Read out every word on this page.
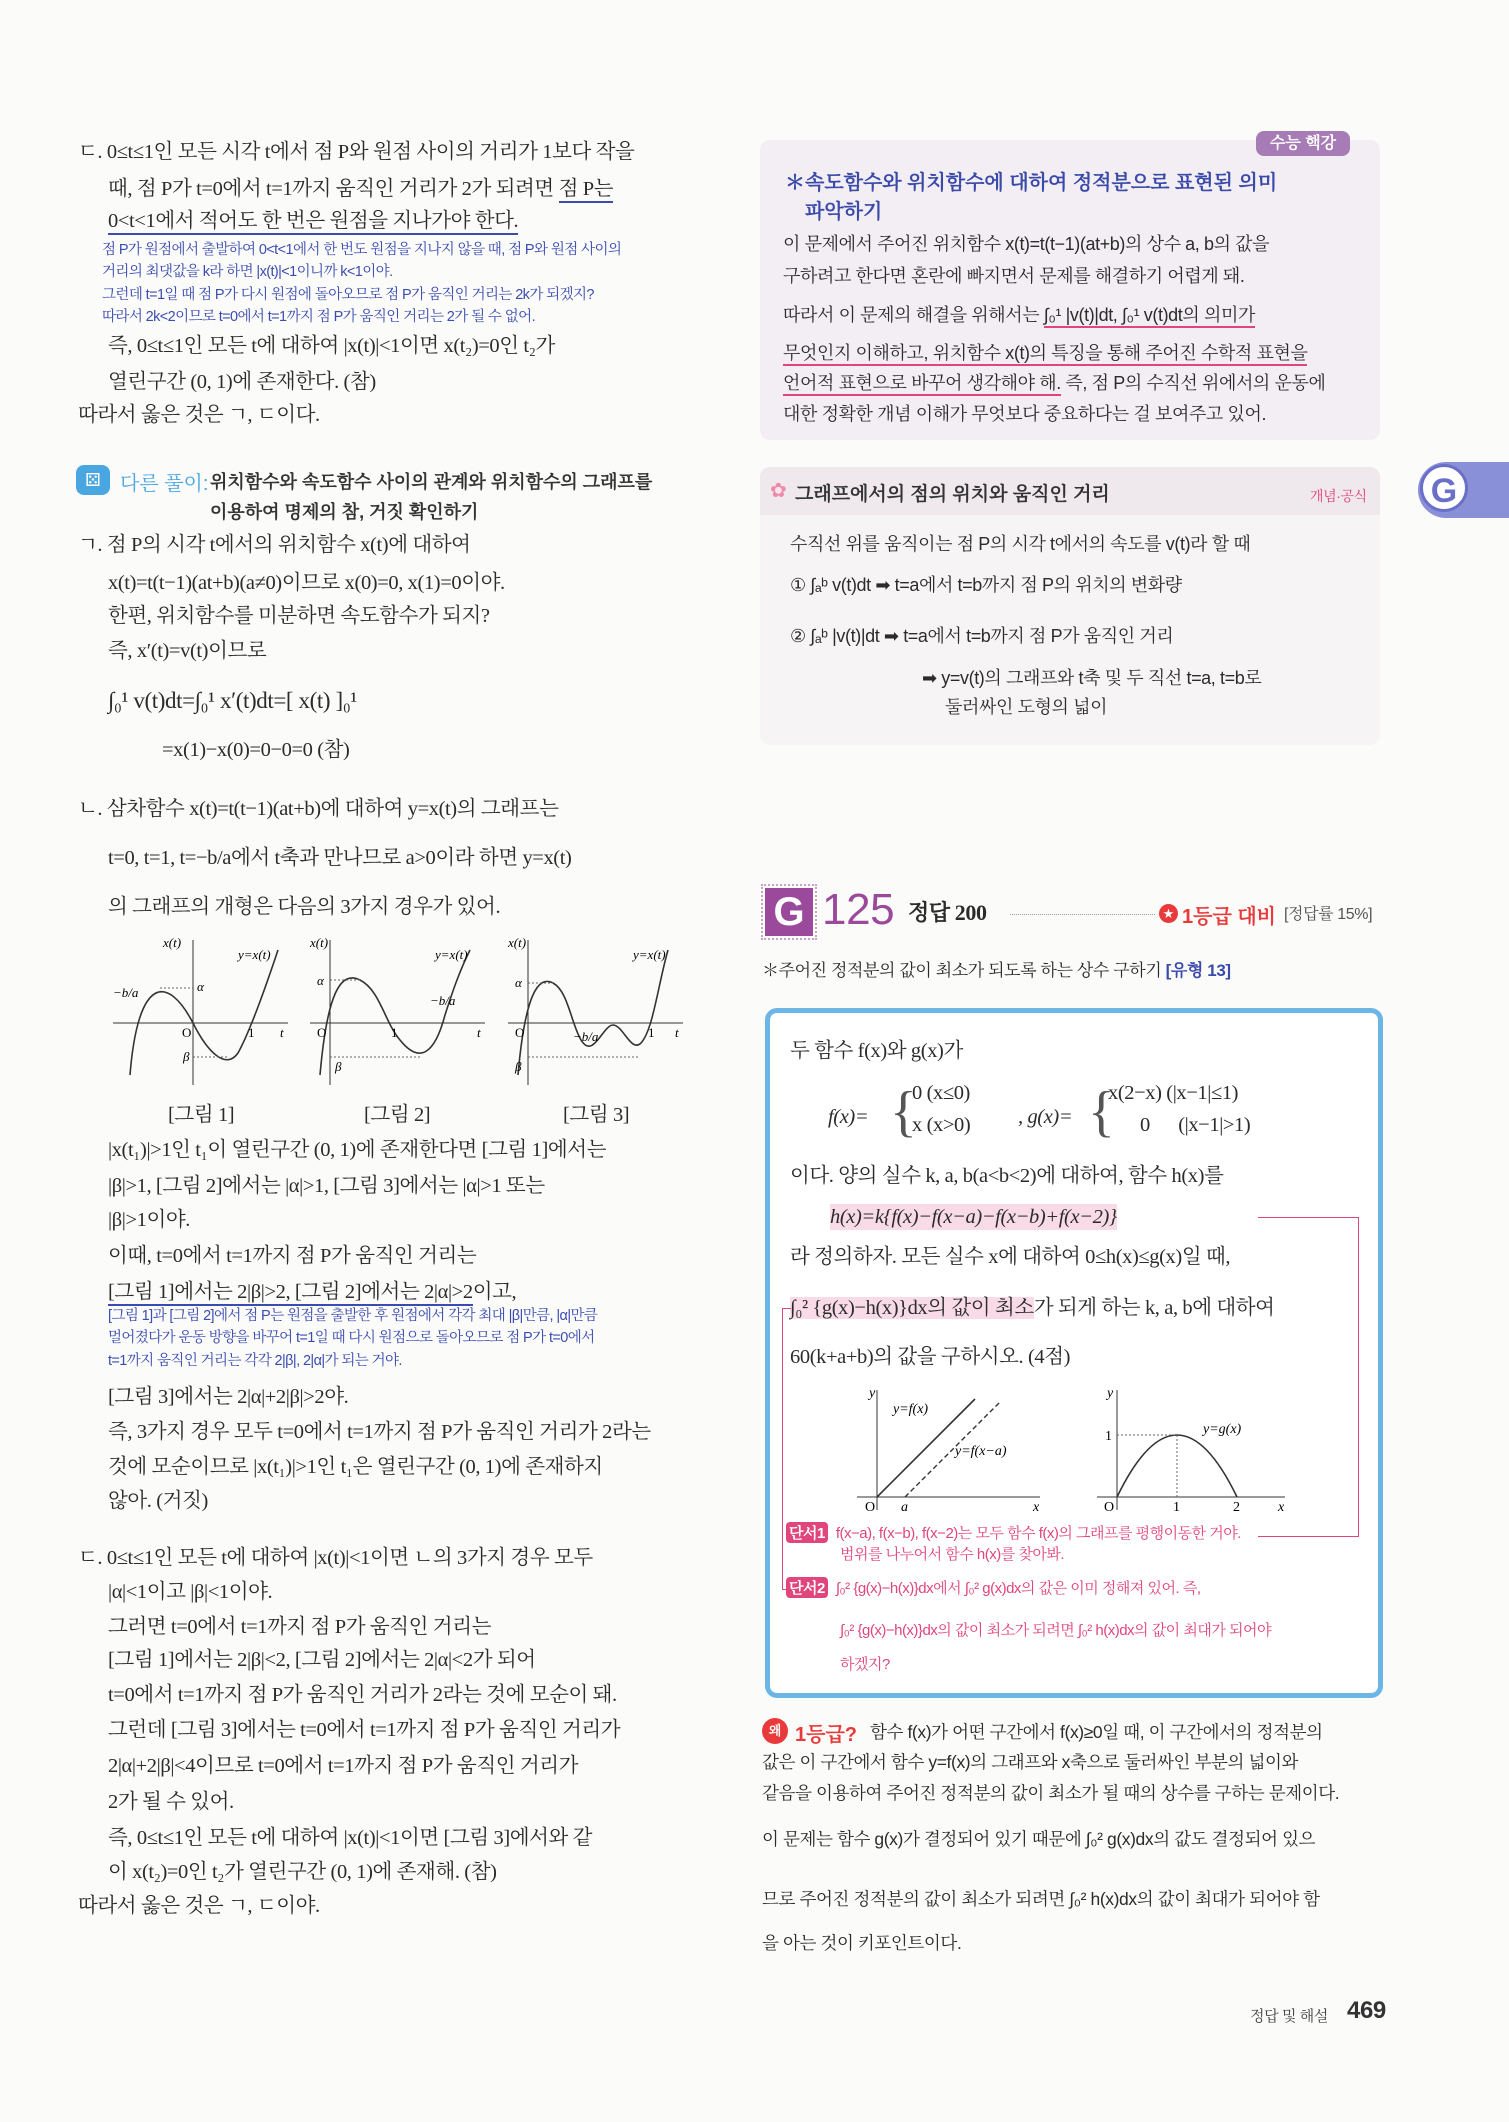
ㄷ. 0≤t≤1인 모든 시각 t에서 점 P와 원점 사이의 거리가 1보다 작을
때, 점 P가 t=0에서 t=1까지 움직인 거리가 2가 되려면 점 P는
0<t<1에서 적어도 한 번은 원점을 지나가야 한다.
점 P가 원점에서 출발하여 0<t<1에서 한 번도 원점을 지나지 않을 때, 점 P와 원점 사이의
거리의 최댓값을 k라 하면 |x(t)|<1이니까 k<1이야.
그런데 t=1일 때 점 P가 다시 원점에 돌아오므로 점 P가 움직인 거리는 2k가 되겠지?
따라서 2k<2이므로 t=0에서 t=1까지 점 P가 움직인 거리는 2가 될 수 없어.
즉, 0≤t≤1인 모든 t에 대하여 |x(t)|<1이면 x(t₂)=0인 t₂가
열린구간 (0, 1)에 존재한다. (참)
따라서 옳은 것은 ㄱ, ㄷ이다.
⚄ 다른 풀이: 위치함수와 속도함수 사이의 관계와 위치함수의 그래프를
이용하여 명제의 참, 거짓 확인하기
ㄱ. 점 P의 시각 t에서의 위치함수 x(t)에 대하여
x(t)=t(t−1)(at+b)(a≠0)이므로 x(0)=0, x(1)=0이야.
한편, 위치함수를 미분하면 속도함수가 되지?
즉, x′(t)=v(t)이므로
∫₀¹ v(t)dt=∫₀¹ x′(t)dt=[ x(t) ]₀¹
=x(1)−x(0)=0−0=0 (참)
ㄴ. 삼차함수 x(t)=t(t−1)(at+b)에 대하여 y=x(t)의 그래프는
t=0, t=1, t=−b/a에서 t축과 만나므로 a>0이라 하면 y=x(t)
의 그래프의 개형은 다음의 3가지 경우가 있어.
x(t)
y=x(t)
−b/a	α
β
O	1 t
x(t)
y=x(t)
−b/a
α
β
O	1	t
x(t)
y=x(t)
−b/a
α
β
O	1 t
[그림 1]	[그림 2]	[그림 3]
|x(t₁)|>1인 t₁이 열린구간 (0, 1)에 존재한다면 [그림 1]에서는
|β|>1, [그림 2]에서는 |α|>1, [그림 3]에서는 |α|>1 또는
|β|>1이야.
이때, t=0에서 t=1까지 점 P가 움직인 거리는
[그림 1]에서는 2|β|>2, [그림 2]에서는 2|α|>2이고,
[그림 1]과 [그림 2]에서 점 P는 원점을 출발한 후 원점에서 각각 최대 |β|만큼, |α|만큼
멀어졌다가 운동 방향을 바꾸어 t=1일 때 다시 원점으로 돌아오므로 점 P가 t=0에서
t=1까지 움직인 거리는 각각 2|β|, 2|α|가 되는 거야.
[그림 3]에서는 2|α|+2|β|>2야.
즉, 3가지 경우 모두 t=0에서 t=1까지 점 P가 움직인 거리가 2라는
것에 모순이므로 |x(t₁)|>1인 t₁은 열린구간 (0, 1)에 존재하지
않아. (거짓)
ㄷ. 0≤t≤1인 모든 t에 대하여 |x(t)|<1이면 ㄴ의 3가지 경우 모두
|α|<1이고 |β|<1이야.
그러면 t=0에서 t=1까지 점 P가 움직인 거리는
[그림 1]에서는 2|β|<2, [그림 2]에서는 2|α|<2가 되어
t=0에서 t=1까지 점 P가 움직인 거리가 2라는 것에 모순이 돼.
그런데 [그림 3]에서는 t=0에서 t=1까지 점 P가 움직인 거리가
2|α|+2|β|<4이므로 t=0에서 t=1까지 점 P가 움직인 거리가
2가 될 수 있어.
즉, 0≤t≤1인 모든 t에 대하여 |x(t)|<1이면 [그림 3]에서와 같
이 x(t₂)=0인 t₂가 열린구간 (0, 1)에 존재해. (참)
따라서 옳은 것은 ㄱ, ㄷ이야.
수능 핵강
＊속도함수와 위치함수에 대하여 정적분으로 표현된 의미
파악하기
이 문제에서 주어진 위치함수 x(t)=t(t−1)(at+b)의 상수 a, b의 값을
구하려고 한다면 혼란에 빠지면서 문제를 해결하기 어렵게 돼.
따라서 이 문제의 해결을 위해서는 ∫₀¹ |v(t)|dt, ∫₀¹ v(t)dt의 의미가
무엇인지 이해하고, 위치함수 x(t)의 특징을 통해 주어진 수학적 표현을
언어적 표현으로 바꾸어 생각해야 해. 즉, 점 P의 수직선 위에서의 운동에
대한 정확한 개념 이해가 무엇보다 중요하다는 걸 보여주고 있어.
✿ 그래프에서의 점의 위치와 움직인 거리	개념·공식
수직선 위를 움직이는 점 P의 시각 t에서의 속도를 v(t)라 할 때
① ∫ₐᵇ v(t)dt ➡ t=a에서 t=b까지 점 P의 위치의 변화량
② ∫ₐᵇ |v(t)|dt ➡ t=a에서 t=b까지 점 P가 움직인 거리
➡ y=v(t)의 그래프와 t축 및 두 직선 t=a, t=b로
둘러싸인 도형의 넓이
G
G 125 정답 200	★ 1등급 대비 [정답률 15%]
＊주어진 정적분의 값이 최소가 되도록 하는 상수 구하기 [유형 13]
두 함수 f(x)와 g(x)가
f(x)= {
0 (x≤0)
x (x>0) , g(x)= {
x(2−x) (|x−1|≤1)
0      (|x−1|>1)
이다. 양의 실수 k, a, b(a<b<2)에 대하여, 함수 h(x)를
h(x)=k{f(x)−f(x−a)−f(x−b)+f(x−2)}
라 정의하자. 모든 실수 x에 대하여 0≤h(x)≤g(x)일 때,
∫₀² {g(x)−h(x)}dx의 값이 최소가 되게 하는 k, a, b에 대하여
60(k+a+b)의 값을 구하시오. (4점)
y
x
O a
y=f(x)
y=f(x−a)
y
x
O	1	2
1	y=g(x)
단서1 f(x−a), f(x−b), f(x−2)는 모두 함수 f(x)의 그래프를 평행이동한 거야.
범위를 나누어서 함수 h(x)를 찾아봐.
단서2 ∫₀² {g(x)−h(x)}dx에서 ∫₀² g(x)dx의 값은 이미 정해져 있어. 즉,
∫₀² {g(x)−h(x)}dx의 값이 최소가 되려면 ∫₀² h(x)dx의 값이 최대가 되어야
하겠지?
왜 1등급? 함수 f(x)가 어떤 구간에서 f(x)≥0일 때, 이 구간에서의 정적분의
값은 이 구간에서 함수 y=f(x)의 그래프와 x축으로 둘러싸인 부분의 넓이와
같음을 이용하여 주어진 정적분의 값이 최소가 될 때의 상수를 구하는 문제이다.
이 문제는 함수 g(x)가 결정되어 있기 때문에 ∫₀² g(x)dx의 값도 결정되어 있으
므로 주어진 정적분의 값이 최소가 되려면 ∫₀² h(x)dx의 값이 최대가 되어야 함
을 아는 것이 키포인트이다.
정답 및 해설 469
